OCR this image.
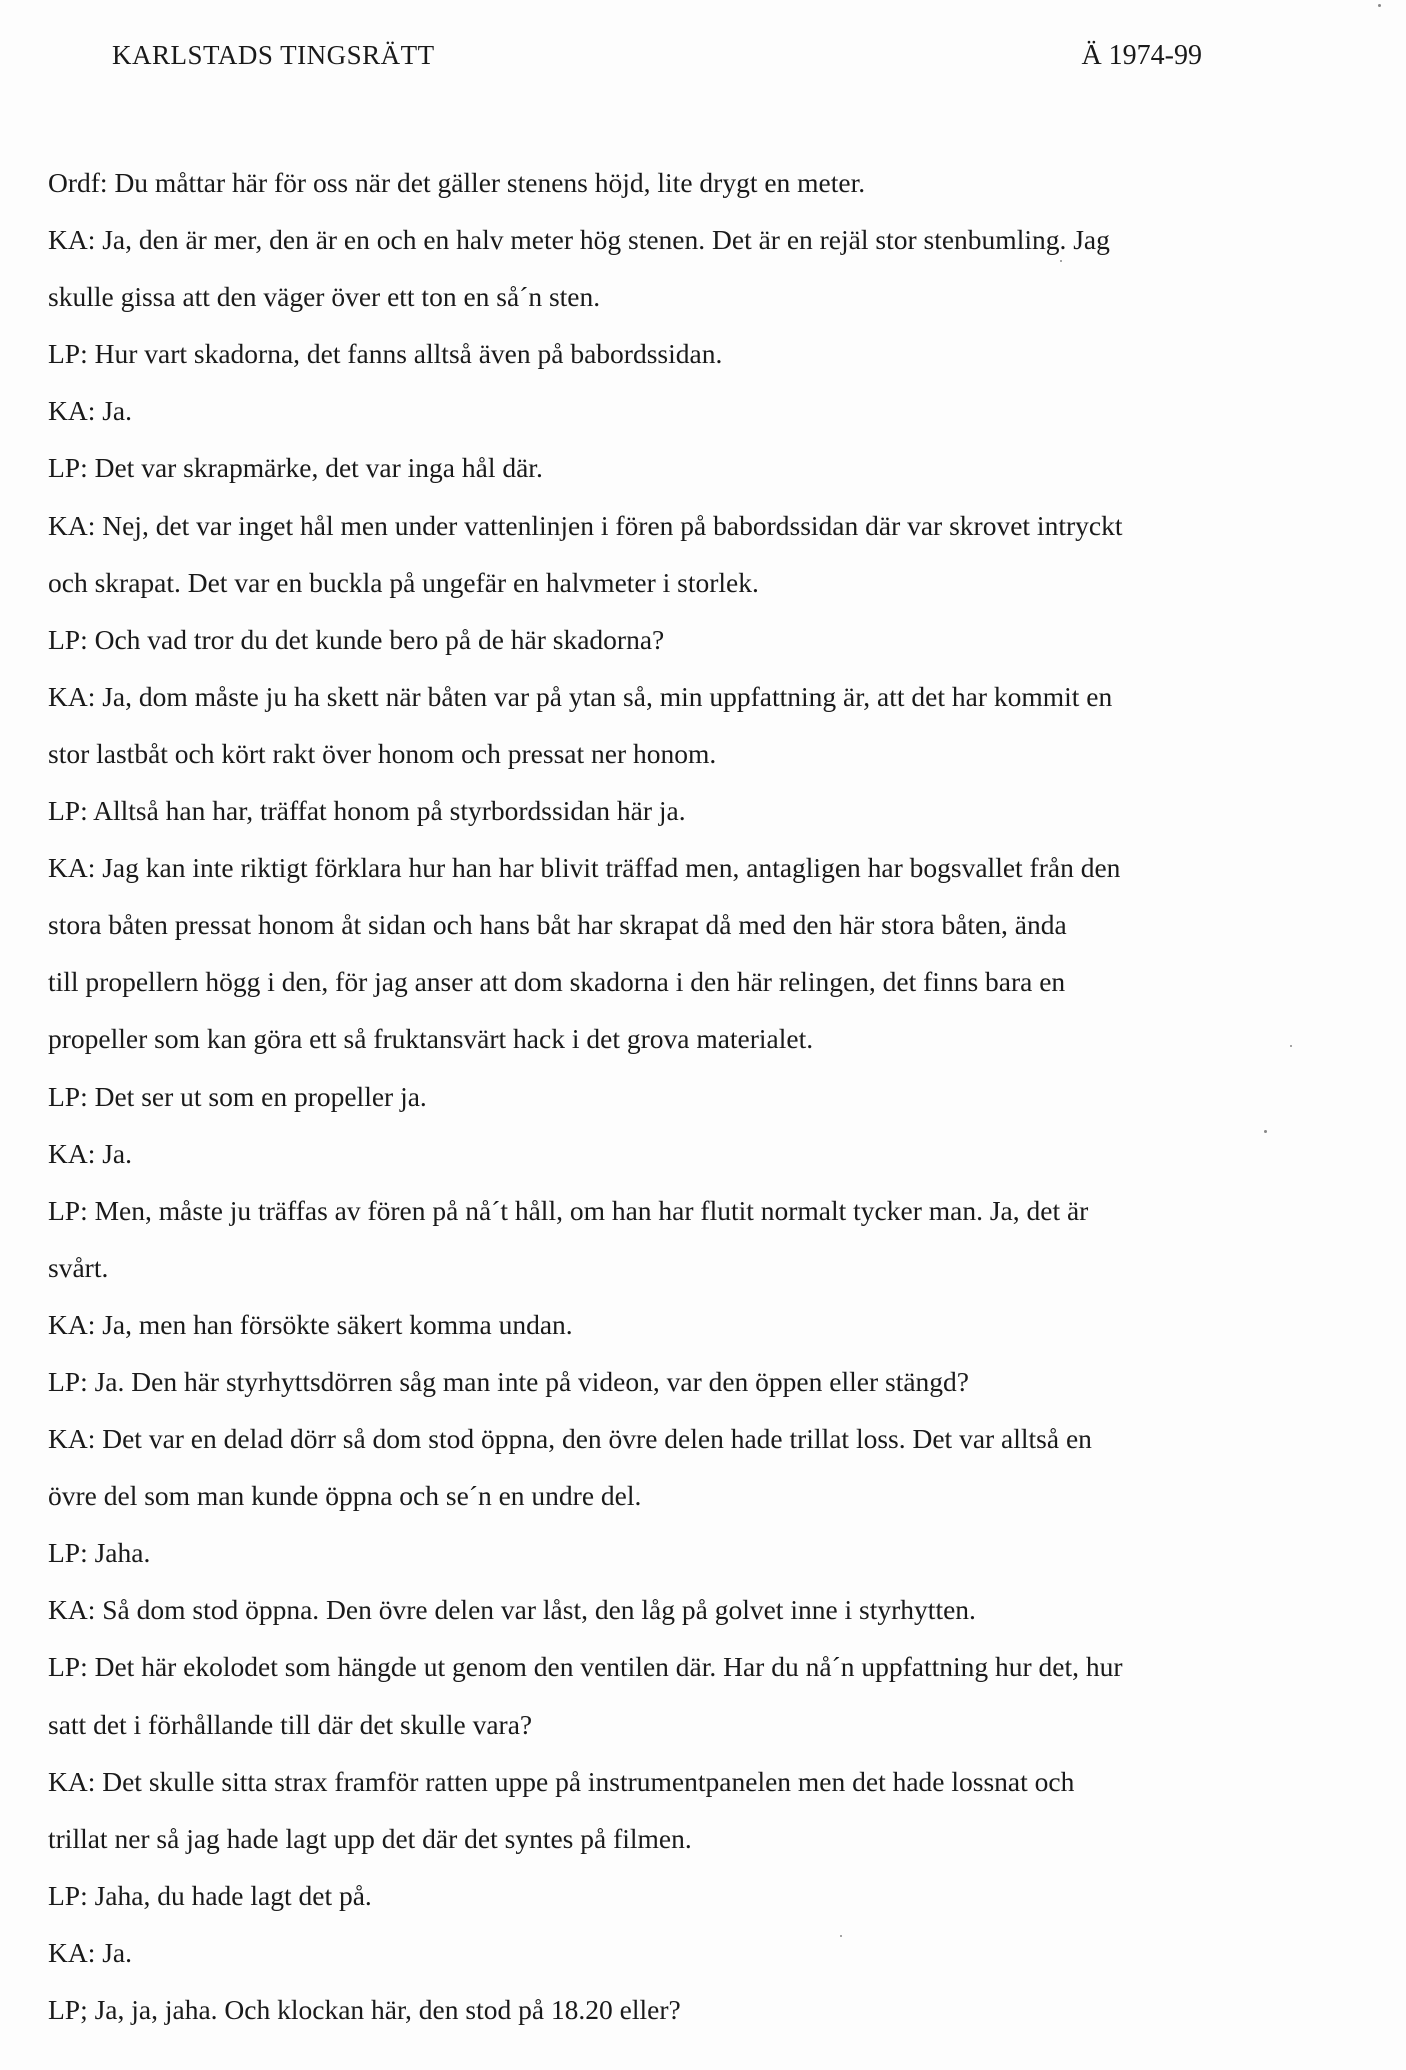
KARLSTADS TINGSRÄTT	Ä 1974-99
Ordf: Du måttar här för oss när det gäller stenens höjd, lite drygt en meter.
KA: Ja, den är mer, den är en och en halv meter hög stenen. Det är en rejäl stor stenbumling. Jag
skulle gissa att den väger över ett ton en så´n sten.
LP: Hur vart skadorna, det fanns alltså även på babordssidan.
KA: Ja.
LP: Det var skrapmärke, det var inga hål där.
KA: Nej, det var inget hål men under vattenlinjen i fören på babordssidan där var skrovet intryckt
och skrapat. Det var en buckla på ungefär en halvmeter i storlek.
LP: Och vad tror du det kunde bero på de här skadorna?
KA: Ja, dom måste ju ha skett när båten var på ytan så, min uppfattning är, att det har kommit en
stor lastbåt och kört rakt över honom och pressat ner honom.
LP: Alltså han har, träffat honom på styrbordssidan här ja.
KA: Jag kan inte riktigt förklara hur han har blivit träffad men, antagligen har bogsvallet från den
stora båten pressat honom åt sidan och hans båt har skrapat då med den här stora båten, ända
till propellern högg i den, för jag anser att dom skadorna i den här relingen, det finns bara en
propeller som kan göra ett så fruktansvärt hack i det grova materialet.
LP: Det ser ut som en propeller ja.
KA: Ja.
LP: Men, måste ju träffas av fören på nå´t håll, om han har flutit normalt tycker man. Ja, det är
svårt.
KA: Ja, men han försökte säkert komma undan.
LP: Ja. Den här styrhyttsdörren såg man inte på videon, var den öppen eller stängd?
KA: Det var en delad dörr så dom stod öppna, den övre delen hade trillat loss. Det var alltså en
övre del som man kunde öppna och se´n en undre del.
LP: Jaha.
KA: Så dom stod öppna. Den övre delen var låst, den låg på golvet inne i styrhytten.
LP: Det här ekolodet som hängde ut genom den ventilen där. Har du nå´n uppfattning hur det, hur
satt det i förhållande till där det skulle vara?
KA: Det skulle sitta strax framför ratten uppe på instrumentpanelen men det hade lossnat och
trillat ner så jag hade lagt upp det där det syntes på filmen.
LP: Jaha, du hade lagt det på.
KA: Ja.
LP; Ja, ja, jaha. Och klockan här, den stod på 18.20 eller?
